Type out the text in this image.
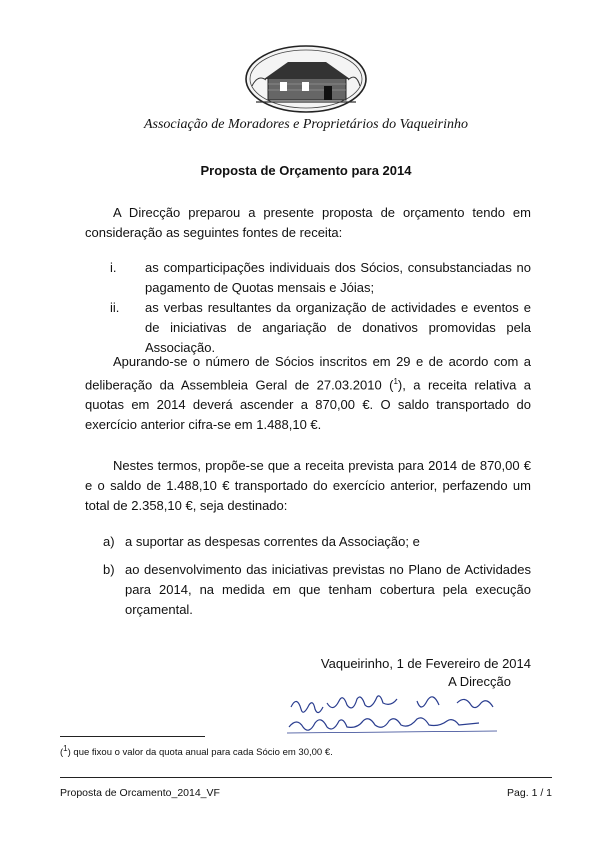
Associação de Moradores e Proprietários do Vaqueirinho
Proposta de Orçamento para 2014
A Direcção preparou a presente proposta de orçamento tendo em consideração as seguintes fontes de receita:
i. as comparticipações individuais dos Sócios, consubstanciadas no pagamento de Quotas mensais e Jóias;
ii. as verbas resultantes da organização de actividades e eventos e de iniciativas de angariação de donativos promovidas pela Associação.
Apurando-se o número de Sócios inscritos em 29 e de acordo com a deliberação da Assembleia Geral de 27.03.2010 ($^1$), a receita relativa a quotas em 2014 deverá ascender a 870,00 €. O saldo transportado do exercício anterior cifra-se em 1.488,10 €.
Nestes termos, propõe-se que a receita prevista para 2014 de 870,00 € e o saldo de 1.488,10 € transportado do exercício anterior, perfazendo um total de 2.358,10 €, seja destinado:
a) a suportar as despesas correntes da Associação; e
b) ao desenvolvimento das iniciativas previstas no Plano de Actividades para 2014, na medida em que tenham cobertura pela execução orçamental.
Vaqueirinho, 1 de Fevereiro de 2014
A Direcção
($^1$) que fixou o valor da quota anual para cada Sócio em 30,00 €.
Proposta de Orcamento_2014_VF	Pag. 1 / 1
